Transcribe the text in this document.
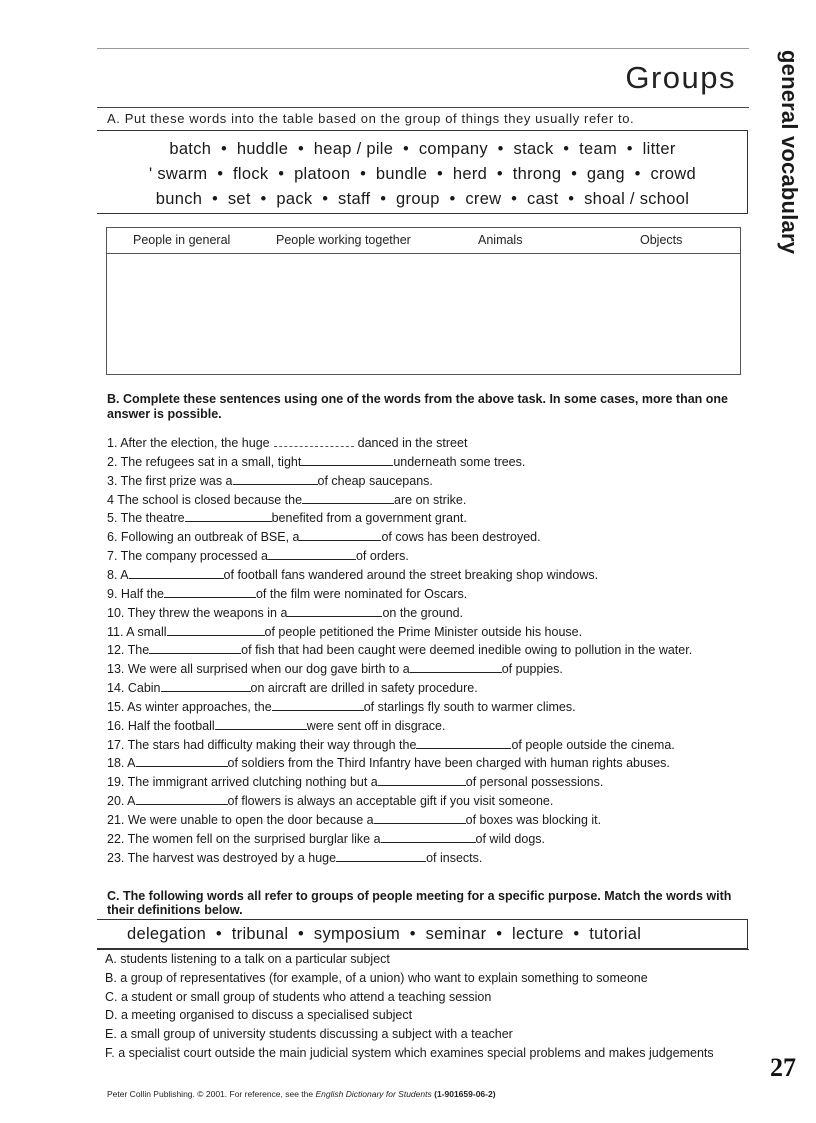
Groups general vocabulary
A. Put these words into the table based on the group of things they usually refer to.
batch  •  huddle  •  heap / pile  •  company  •  stack  •  team  •  litter
' swarm  •  flock  •  platoon  •  bundle  •  herd  •  throng  •  gang  •  crowd
bunch  •  set  •  pack  •  staff  •  group  •  crew  •  cast  •  shoal / school
People in general	People working together	Animals	Objects

B. Complete these sentences using one of the words from the above task. In some cases, more than one answer is possible.

1. After the election, the huge	danced in the street
2. The refugees sat in a small, tight	underneath some trees.
3. The first prize was a	of cheap saucepans.
4 The school is closed because the	are on strike.
5. The theatre	benefited from a government grant.
6. Following an outbreak of BSE, a	of cows has been destroyed.
7. The company processed a	of orders.
8. A	of football fans wandered around the street breaking shop windows.
9. Half the	of the film were nominated for Oscars.
10. They threw the weapons in a	on the ground.
11. A small	of people petitioned the Prime Minister outside his house.
12. The	of fish that had been caught were deemed inedible owing to pollution in the water.
13. We were all surprised when our dog gave birth to a	of puppies.
14. Cabin	on aircraft are drilled in safety procedure.
15. As winter approaches, the	of starlings fly south to warmer climes.
16. Half the football	were sent off in disgrace.
17. The stars had difficulty making their way through the	of people outside the cinema.
18. A	of soldiers from the Third Infantry have been charged with human rights abuses.
19. The immigrant arrived clutching nothing but a	of personal possessions.
20. A	of flowers is always an acceptable gift if you visit someone.
21. We were unable to open the door because a	of boxes was blocking it.
22. The women fell on the surprised burglar like a	of wild dogs.
23. The harvest was destroyed by a huge	of insects.

C. The following words all refer to groups of people meeting for a specific purpose. Match the words with their definitions below.

delegation  •  tribunal  •  symposium  •  seminar  •  lecture  •  tutorial
A. students listening to a talk on a particular subject
B. a group of representatives (for example, of a union) who want to explain something to someone
C. a student or small group of students who attend a teaching session
D. a meeting organised to discuss a specialised subject
E. a small group of university students discussing a subject with a teacher
F. a specialist court outside the main judicial system which examines special problems and makes judgements 27
Peter Collin Publishing. © 2001. For reference, see the English Dictionary for Students (1-901659-06-2)
